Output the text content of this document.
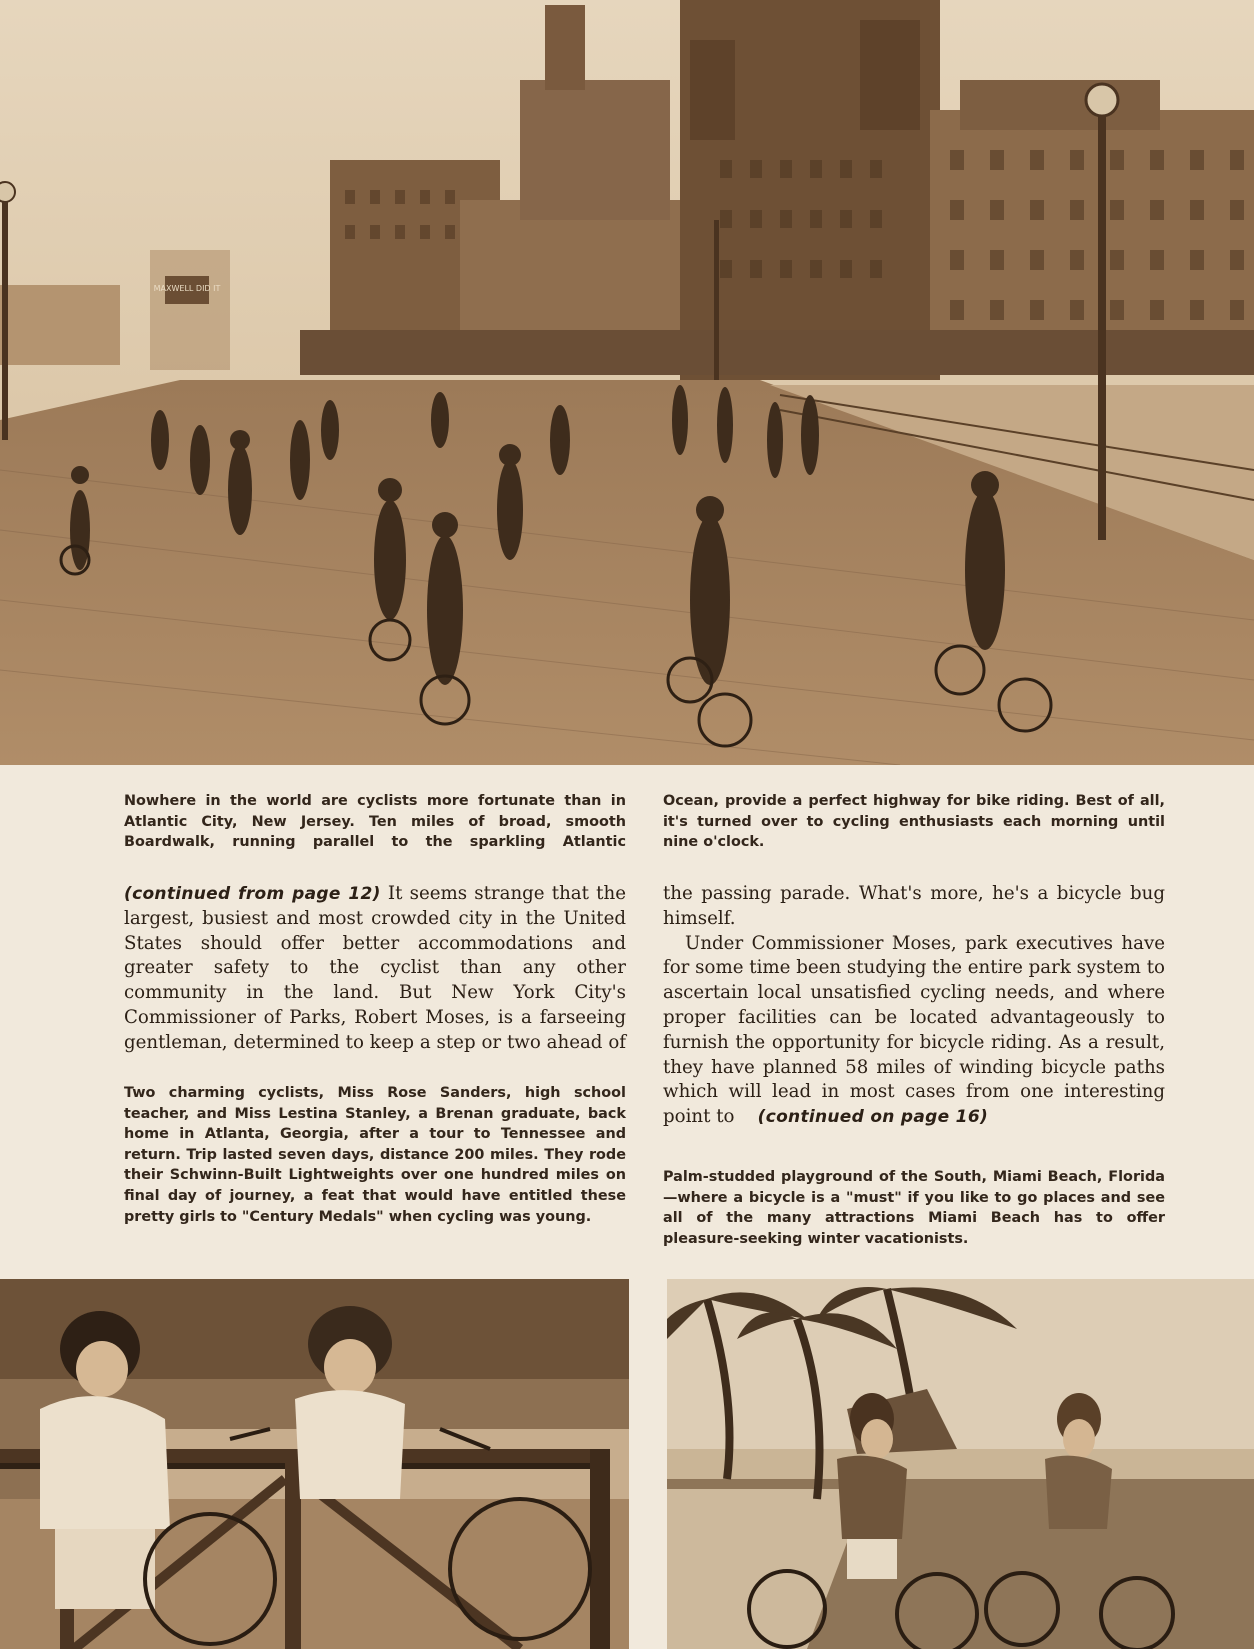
MAXWELL DID IT

Nowhere in the world are cyclists more fortunate than in Atlantic City, New Jersey. Ten miles of broad, smooth Boardwalk, running parallel to the sparkling Atlantic

Ocean, provide a perfect highway for bike riding. Best of all, it's turned over to cycling enthusiasts each morning until nine o'clock.

(continued from page 12) It seems strange that the largest, busiest and most crowded city in the United States should offer better accommodations and greater safety to the cyclist than any other community in the land. But New York City's Commissioner of Parks, Robert Moses, is a farseeing gentleman, determined to keep a step or two ahead of
the passing parade. What's more, he's a bicycle bug himself.
Under Commissioner Moses, park executives have for some time been studying the entire park system to ascertain local unsatisfied cycling needs, and where proper facilities can be located advantageously to furnish the opportunity for bicycle riding. As a result, they have planned 58 miles of winding bicycle paths which will lead in most cases from one interesting point to (continued on page 16)

Two charming cyclists, Miss Rose Sanders, high school teacher, and Miss Lestina Stanley, a Brenan graduate, back home in Atlanta, Georgia, after a tour to Tennessee and return. Trip lasted seven days, distance 200 miles. They rode their Schwinn-Built Lightweights over one hundred miles on final day of journey, a feat that would have entitled these pretty girls to "Century Medals" when cycling was young.

Palm-studded playground of the South, Miami Beach, Florida—where a bicycle is a "must" if you like to go places and see all of the many attractions Miami Beach has to offer pleasure-seeking winter vacationists.
